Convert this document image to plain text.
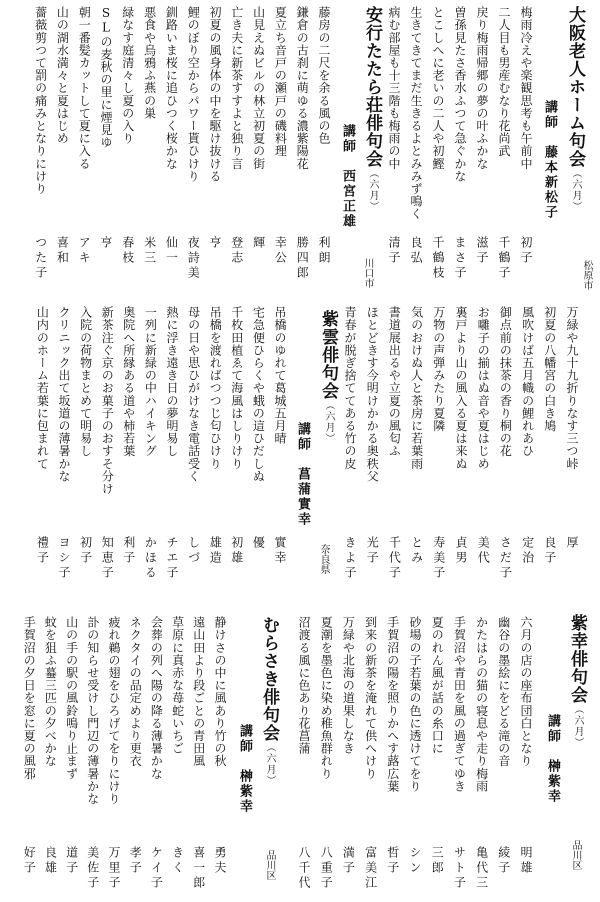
大阪老人ホーム句会（六月）
講師　藤本新松子
松原市
紫雲俳句会（六月）
講師　菖蒲實幸
奈良県
紫幸俳句会（六月）
講師　榊紫幸
品川区
むらさき俳句会（六月）
講師　榊紫幸
品川区
安行たたら荘俳句会（六月）
講師　西宮正雄
川口市
梅雨冷えや楽観思考も午前中
初子
二人目も男産むなり花尚武
千鶴子
戻り梅雨帰郷の夢の叶ふかな
滋子
曽孫見たさ香水ふつて急ぐかな
まさ子
とこしへに老いの二人や初鰹
千鶴枝
生きてきてまだ生きるよとみみず鳴く
良弘
病む部屋も十三階も梅雨の中
清子
藤房の二尺を余る風の色
利朗
鎌倉の古刹に萌ゆる濃紫陽花
勝四郎
夏立ち音戸の瀬戸の磯料理
幸公
山見えぬビルの林立初夏の街
輝
亡き夫に新茶すすよと独り言
登志
初夏の風身体の中を駆け抜ける
亨
鯉のぼり空からパワー貰ひけり
夜詩美
釧路いま桜に追ひつく桜かな
仙一
悪食や烏鴉ふ燕の巣
米三
緑なす庭清々し夏の入り
春枝
SLの麦秋の里に煙見ゆ
亨
朝一番髪カットして夏に入る
アキ
山の湖水満々と夏はじめ
喜和
薔薇剪つて罰の痛みとなりにけり
つた子
万緑や九十九折りなす三つ峠
厚
初夏の八幡宮の白き鳩
良子
風吹けば五月幟の鯉れあひ
定治
御点前の抹茶の香り桐の花
さだ子
お囃子の揃はぬ音や夏はじめ
美代
裏戸より山の風入る夏は来ぬ
貞男
万物の声弾みたり夏隣
寿美子
気のおけぬ人と茶房に若葉雨
とみ
書道展出るや立夏の風匂ふ
千代子
ほとどきす今明けかかる奥秩父
光子
青春が脱ぎ捨ててある竹の皮
きよ子
吊橋のゆれて葛城五月晴
實幸
宅急便ひらくや蛾の這ひだしぬ
優
千枚田植ゑて海風はしりけり
初雄
吊橋を渡ればつつじ匂ひけり
雄造
母の日や思ひがけなき電話受く
しづ
熱に浮き遠き日の夢明易し
チエ子
一列に新緑の中ハイキング
かほる
奥院へ所縁ある道や柿若葉
利子
新茶注ぐ京のお菓子のおすそ分け
知恵子
入院の荷物まとめて明易し
初子
クリニック出て坂道の薄暑かな
ヨシ子
山内のホーム若葉に包まれて
禮子
六月の店の座布団白となり
明雄
幽谷の墨絵にをどる滝の音
綾子
かたはらの猫の寝息や走り梅雨
亀代三
手賀沼や青田を風の過ぎてゆき
サト子
夏のれん風が話の糸口に
三郎
砂場の子若葉の色に透けてをり
シン
手賀沼の陽を照りかへす蕗広葉
哲子
到来の新茶を淹れて供へけり
富美江
万緑や北海の道果しなき
満子
夏潮を墨色に染め稚魚群れり
八重子
沼渡る風に色あり花菖蒲
八千代
静けさの中に風あり竹の秋
勇夫
遠山田より段ごとの青田風
喜一郎
草原に真赤な苺蛇いちご
きく
会葬の列へ陽の降る薄暑かな
ケイ子
ネクタイの品定めより更衣
孝子
疲れ鵜の翅をひろげてをりにけり
万里子
訃の知らせ受けし門辺の薄暑かな
美佐子
山の手の駅の風鈴鳴り止まず
道子
蚊を狙ふ蟇三匹の夕べかな
良雄
手賀沼の夕日を窓に夏の風邪
好子
